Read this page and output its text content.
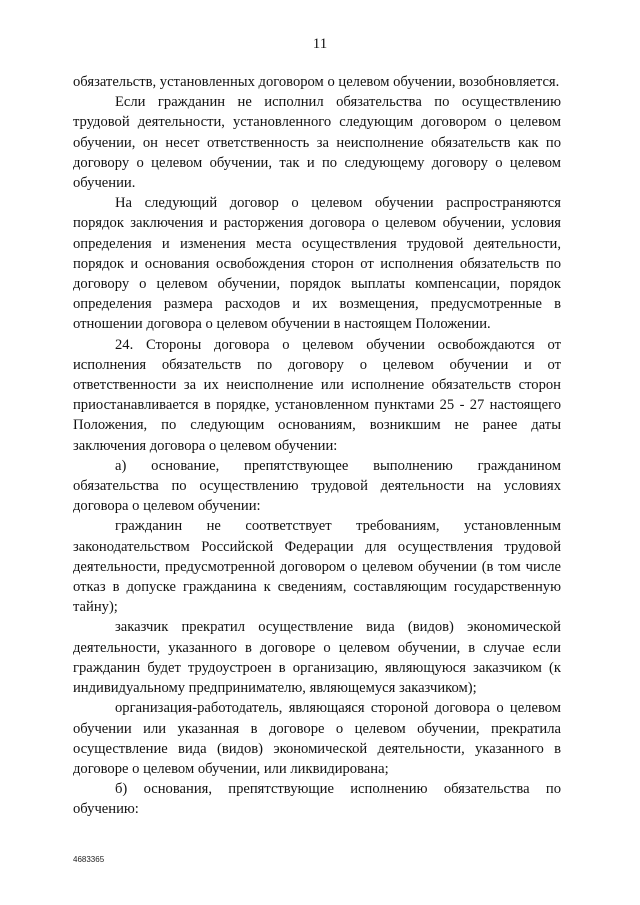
11

обязательств, установленных договором о целевом обучении, возобновляется.

Если гражданин не исполнил обязательства по осуществлению трудовой деятельности, установленного следующим договором о целевом обучении, он несет ответственность за неисполнение обязательств как по договору о целевом обучении, так и по следующему договору о целевом обучении.

На следующий договор о целевом обучении распространяются порядок заключения и расторжения договора о целевом обучении, условия определения и изменения места осуществления трудовой деятельности, порядок и основания освобождения сторон от исполнения обязательств по договору о целевом обучении, порядок выплаты компенсации, порядок определения размера расходов и их возмещения, предусмотренные в отношении договора о целевом обучении в настоящем Положении.

24. Стороны договора о целевом обучении освобождаются от исполнения обязательств по договору о целевом обучении и от ответственности за их неисполнение или исполнение обязательств сторон приостанавливается в порядке, установленном пунктами 25 - 27 настоящего Положения, по следующим основаниям, возникшим не ранее даты заключения договора о целевом обучении:

а) основание, препятствующее выполнению гражданином обязательства по осуществлению трудовой деятельности на условиях договора о целевом обучении:

гражданин не соответствует требованиям, установленным законодательством Российской Федерации для осуществления трудовой деятельности, предусмотренной договором о целевом обучении (в том числе отказ в допуске гражданина к сведениям, составляющим государственную тайну);

заказчик прекратил осуществление вида (видов) экономической деятельности, указанного в договоре о целевом обучении, в случае если гражданин будет трудоустроен в организацию, являющуюся заказчиком (к индивидуальному предпринимателю, являющемуся заказчиком);

организация-работодатель, являющаяся стороной договора о целевом обучении или указанная в договоре о целевом обучении, прекратила осуществление вида (видов) экономической деятельности, указанного в договоре о целевом обучении, или ликвидирована;

б) основания, препятствующие исполнению обязательства по обучению:

4683365
